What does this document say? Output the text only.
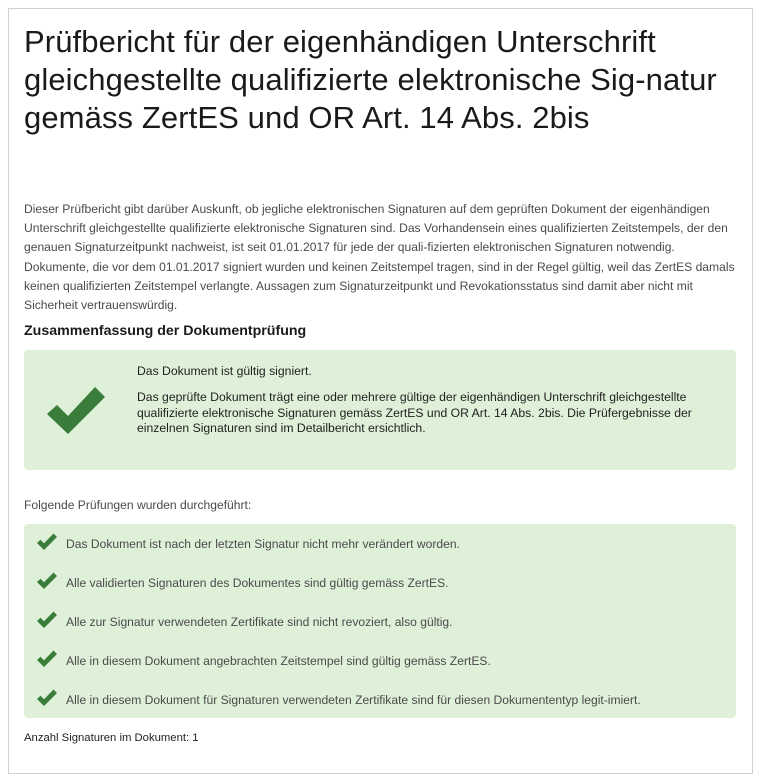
Prüfbericht für der eigenhändigen Unterschrift gleichgestellte qualifizierte elektronische Sig-natur gemäss ZertES und OR Art. 14 Abs. 2bis

Dieser Prüfbericht gibt darüber Auskunft, ob jegliche elektronischen Signaturen auf dem geprüften Dokument der eigenhändigen Unterschrift gleichgestellte qualifizierte elektronische Signaturen sind. Das Vorhandensein eines qualifizierten Zeitstempels, der den genauen Signaturzeitpunkt nachweist, ist seit 01.01.2017 für jede der quali-fizierten elektronischen Signaturen notwendig. Dokumente, die vor dem 01.01.2017 signiert wurden und keinen Zeitstempel tragen, sind in der Regel gültig, weil das ZertES damals keinen qualifizierten Zeitstempel verlangte. Aussagen zum Signaturzeitpunkt und Revokationsstatus sind damit aber nicht mit Sicherheit vertrauenswürdig.

Zusammenfassung der Dokumentprüfung
Das Dokument ist gültig signiert.
Das geprüfte Dokument trägt eine oder mehrere gültige der eigenhändigen Unterschrift gleichgestellte qualifizierte elektronische Signaturen gemäss ZertES und OR Art. 14 Abs. 2bis. Die Prüfergebnisse der einzelnen Signaturen sind im Detailbericht ersichtlich.
Folgende Prüfungen wurden durchgeführt:
Das Dokument ist nach der letzten Signatur nicht mehr verändert worden.
Alle validierten Signaturen des Dokumentes sind gültig gemäss ZertES.
Alle zur Signatur verwendeten Zertifikate sind nicht revoziert, also gültig.
Alle in diesem Dokument angebrachten Zeitstempel sind gültig gemäss ZertES.
Alle in diesem Dokument für Signaturen verwendeten Zertifikate sind für diesen Dokumententyp legit-imiert.
Anzahl Signaturen im Dokument: 1
